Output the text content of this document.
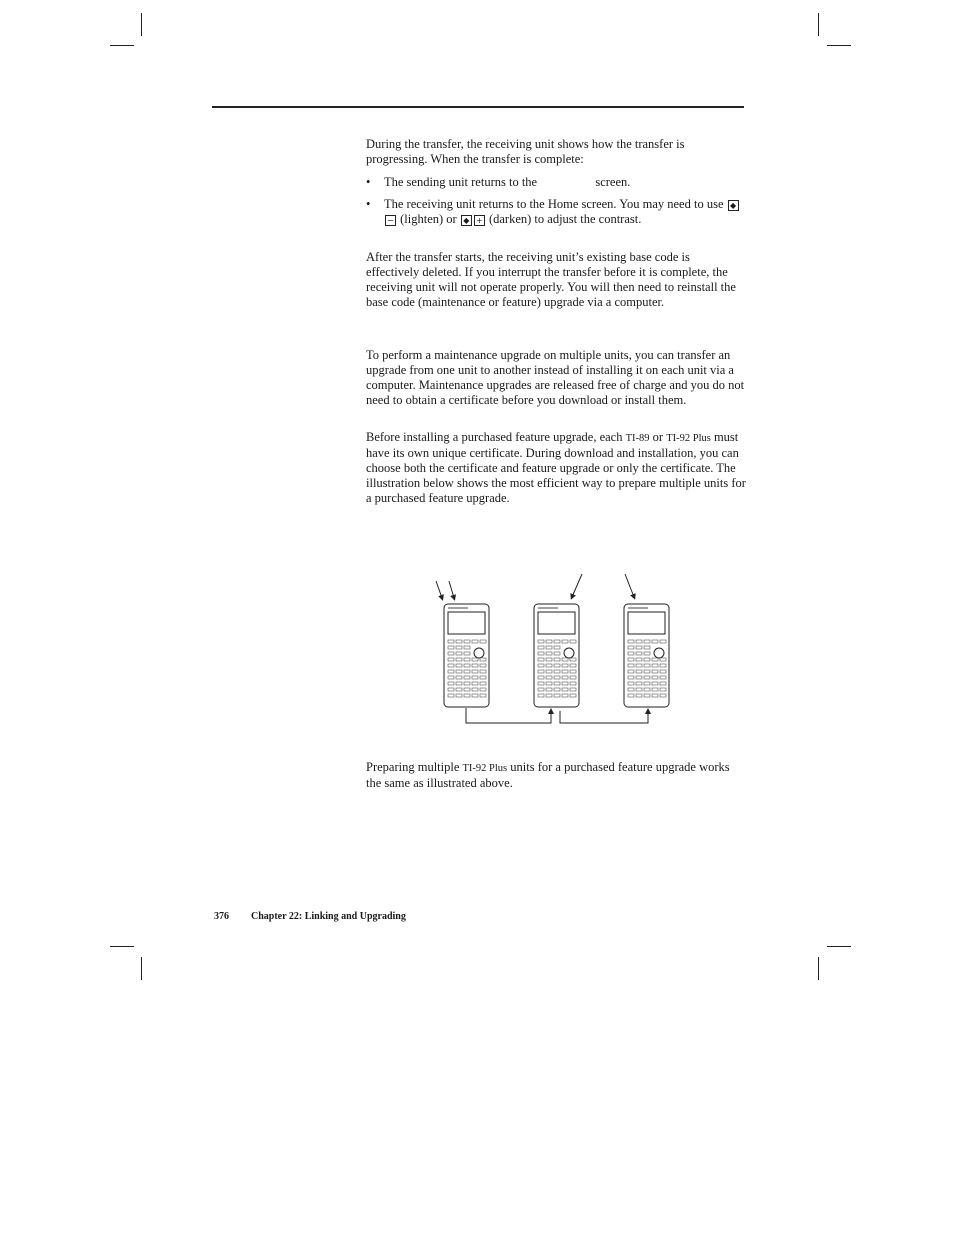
During the transfer, the receiving unit shows how the transfer is progressing. When the transfer is complete:

• The sending unit returns to the	screen.
• The receiving unit returns to the Home screen. You may need to use ◆− (lighten) or ◆ + (darken) to adjust the contrast.

After the transfer starts, the receiving unit’s existing base code is effectively deleted. If you interrupt the transfer before it is complete, the receiving unit will not operate properly. You will then need to reinstall the base code (maintenance or feature) upgrade via a computer.

To perform a maintenance upgrade on multiple units, you can transfer an upgrade from one unit to another instead of installing it on each unit via a computer. Maintenance upgrades are released free of charge and you do not need to obtain a certificate before you download or install them.

Before installing a purchased feature upgrade, each TI-89 or TI-92 Plus must have its own unique certificate. During download and installation, you can choose both the certificate and feature upgrade or only the certificate. The illustration below shows the most efficient way to prepare multiple units for a purchased feature upgrade.

Preparing multiple TI-92 Plus units for a purchased feature upgrade works the same as illustrated above.

376 Chapter 22: Linking and Upgrading
